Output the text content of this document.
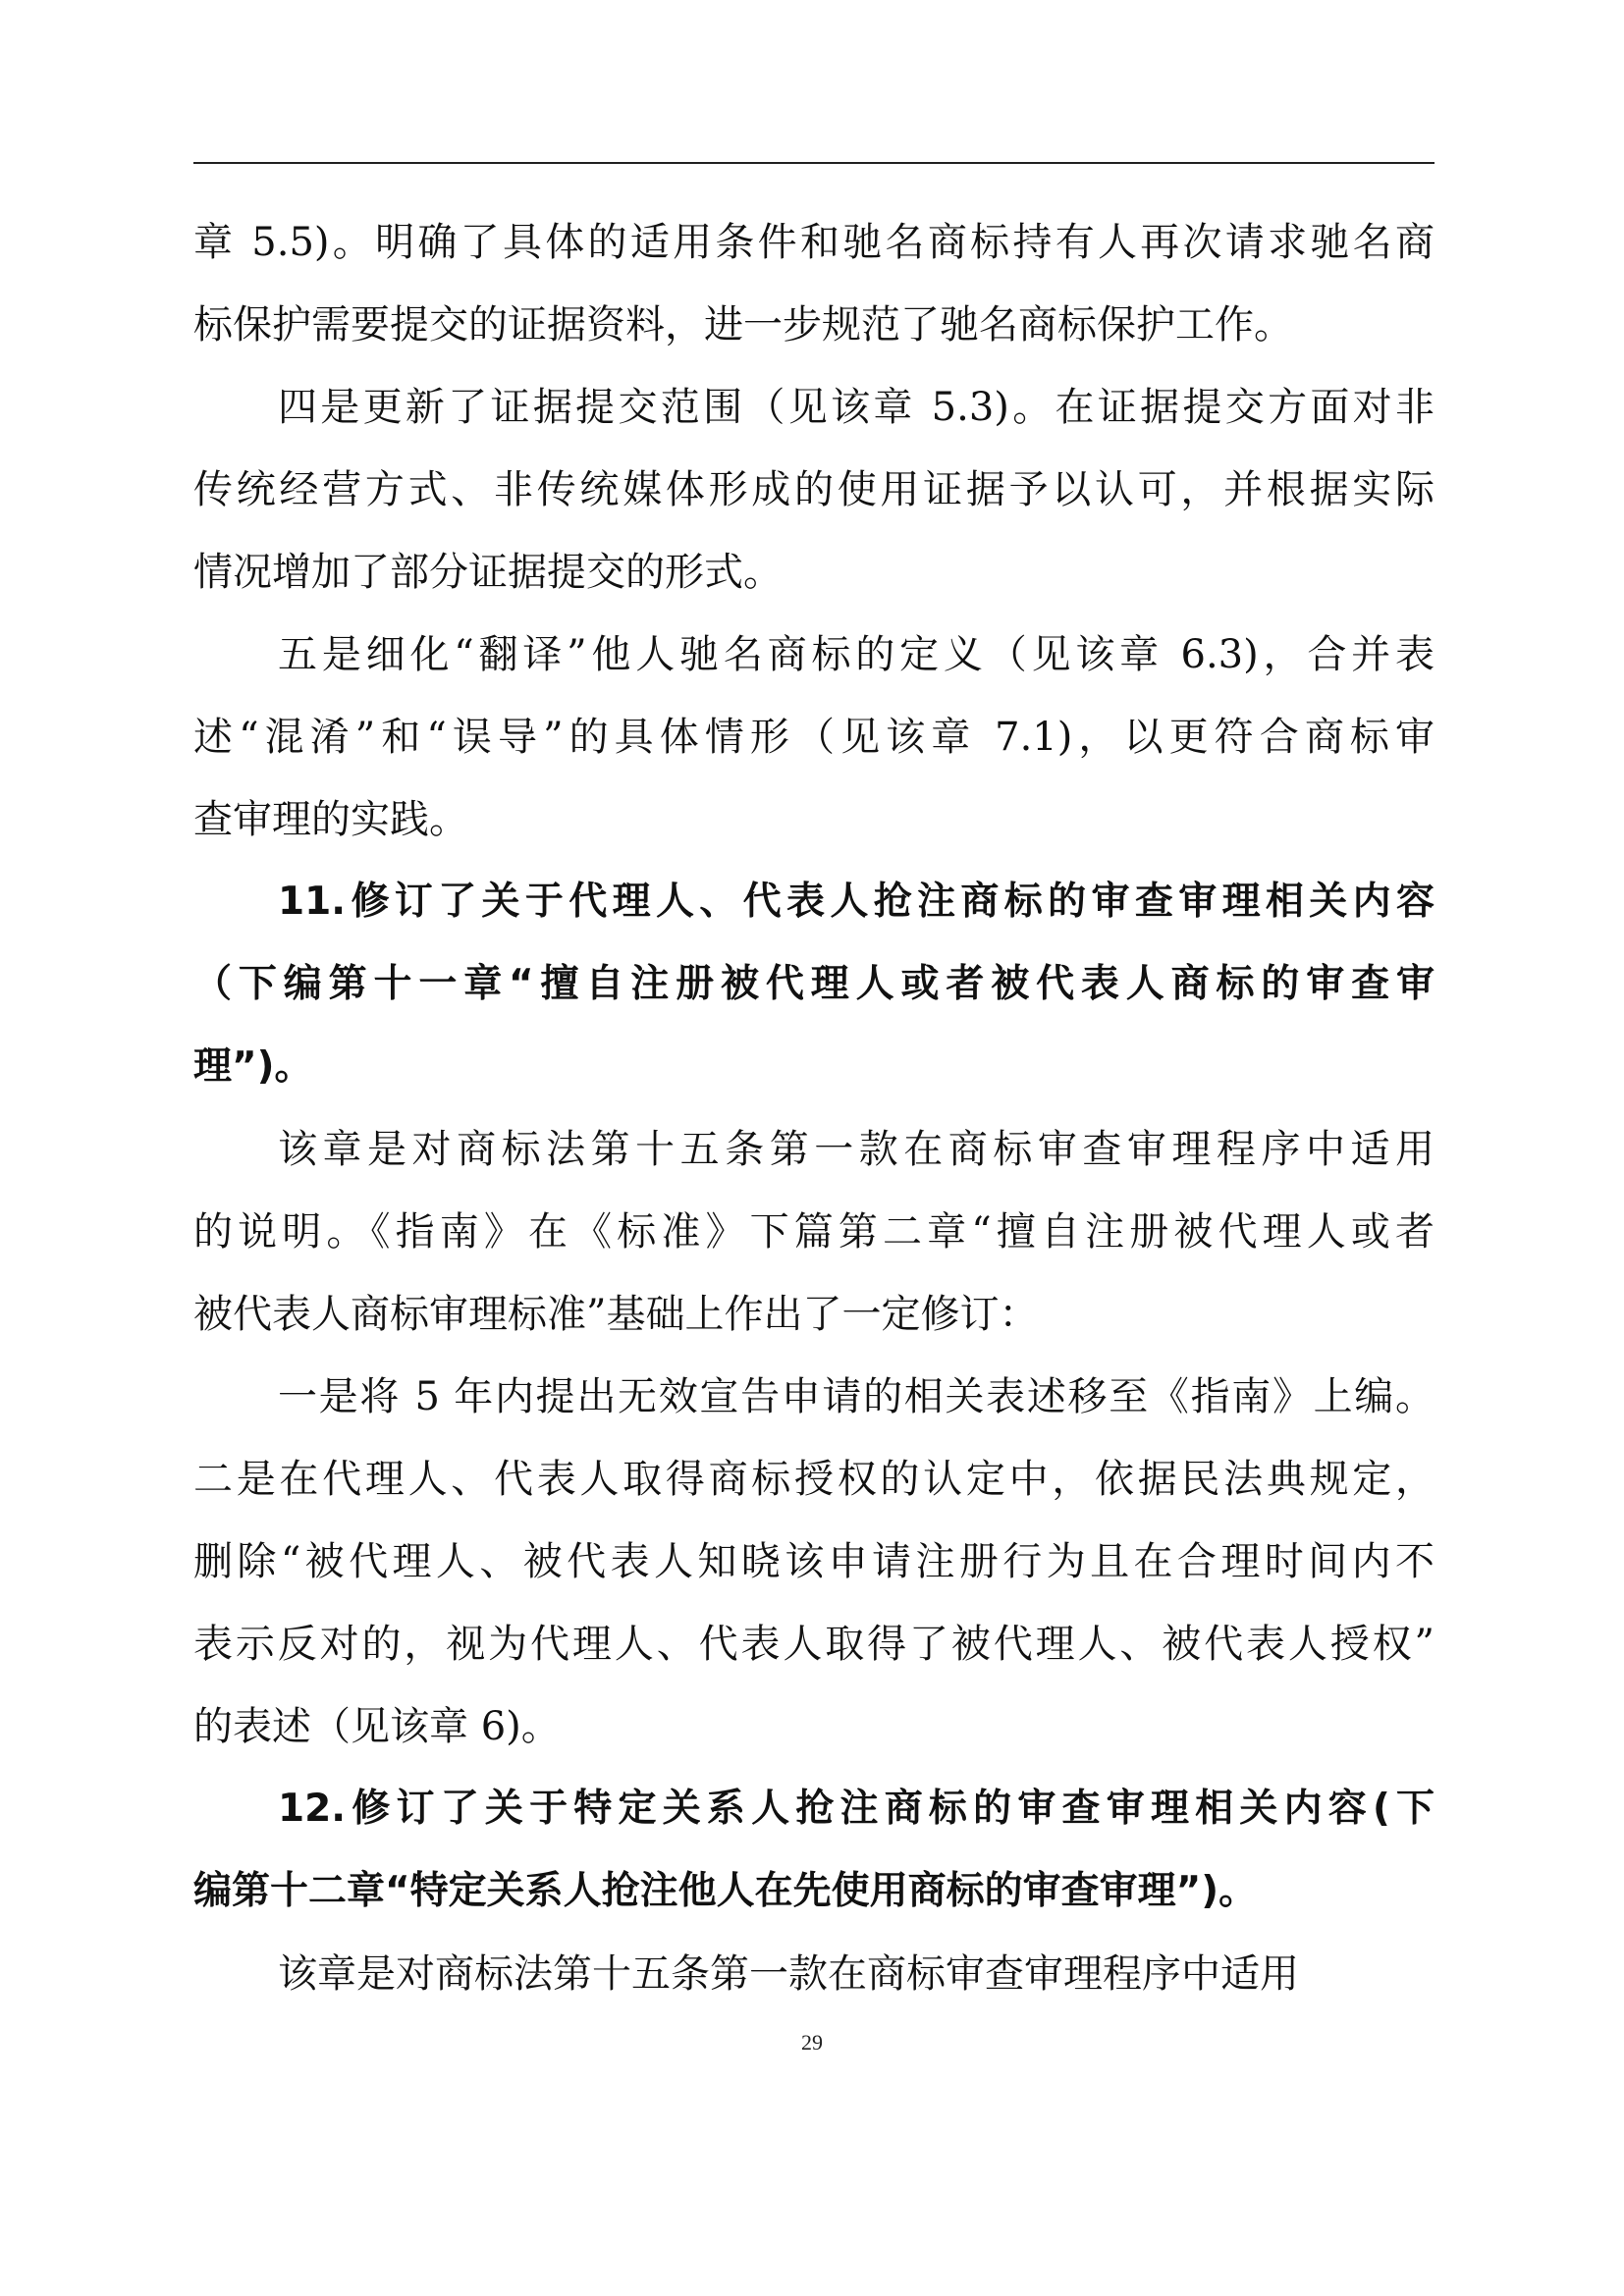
章 5.5)。明确了具体的适用条件和驰名商标持有人再次请求驰名商
标保护需要提交的证据资料，进一步规范了驰名商标保护工作。
四是更新了证据提交范围（见该章 5.3)。在证据提交方面对非
传统经营方式、非传统媒体形成的使用证据予以认可，并根据实际
情况增加了部分证据提交的形式。
五是细化“翻译”他人驰名商标的定义（见该章 6.3)，合并表
述“混淆”和“误导”的具体情形（见该章 7.1)，以更符合商标审
查审理的实践。
11.修订了关于代理人、代表人抢注商标的审查审理相关内容
（下编第十一章“擅自注册被代理人或者被代表人商标的审查审
理”)。
该章是对商标法第十五条第一款在商标审查审理程序中适用
的说明。《指南》在《标准》下篇第二章“擅自注册被代理人或者
被代表人商标审理标准”基础上作出了一定修订：
一是将 5 年内提出无效宣告申请的相关表述移至《指南》上编。
二是在代理人、代表人取得商标授权的认定中，依据民法典规定，
删除“被代理人、被代表人知晓该申请注册行为且在合理时间内不
表示反对的，视为代理人、代表人取得了被代理人、被代表人授权”
的表述（见该章 6)。
12.修订了关于特定关系人抢注商标的审查审理相关内容(下
编第十二章“特定关系人抢注他人在先使用商标的审查审理”)。
该章是对商标法第十五条第一款在商标审查审理程序中适用
29
